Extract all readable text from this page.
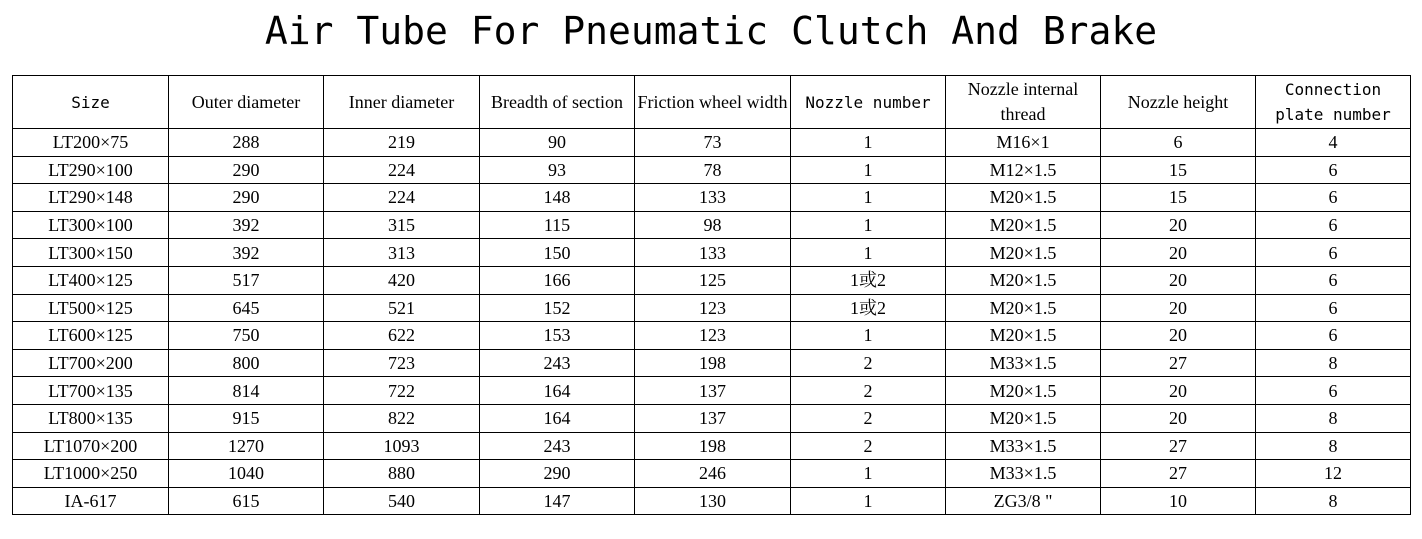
Air Tube For Pneumatic Clutch And Brake
Size	Outer diameter	Inner diameter	Breadth of section	Friction wheel width	Nozzle number	Nozzle internal thread	Nozzle height	Connection plate number
LT200×75	288	219	90	73	1	M16×1	6	4
LT290×100	290	224	93	78	1	M12×1.5	15	6
LT290×148	290	224	148	133	1	M20×1.5	15	6
LT300×100	392	315	115	98	1	M20×1.5	20	6
LT300×150	392	313	150	133	1	M20×1.5	20	6
LT400×125	517	420	166	125	1或2	M20×1.5	20	6
LT500×125	645	521	152	123	1或2	M20×1.5	20	6
LT600×125	750	622	153	123	1	M20×1.5	20	6
LT700×200	800	723	243	198	2	M33×1.5	27	8
LT700×135	814	722	164	137	2	M20×1.5	20	6
LT800×135	915	822	164	137	2	M20×1.5	20	8
LT1070×200	1270	1093	243	198	2	M33×1.5	27	8
LT1000×250	1040	880	290	246	1	M33×1.5	27	12
IA-617	615	540	147	130	1	ZG3/8 "	10	8
